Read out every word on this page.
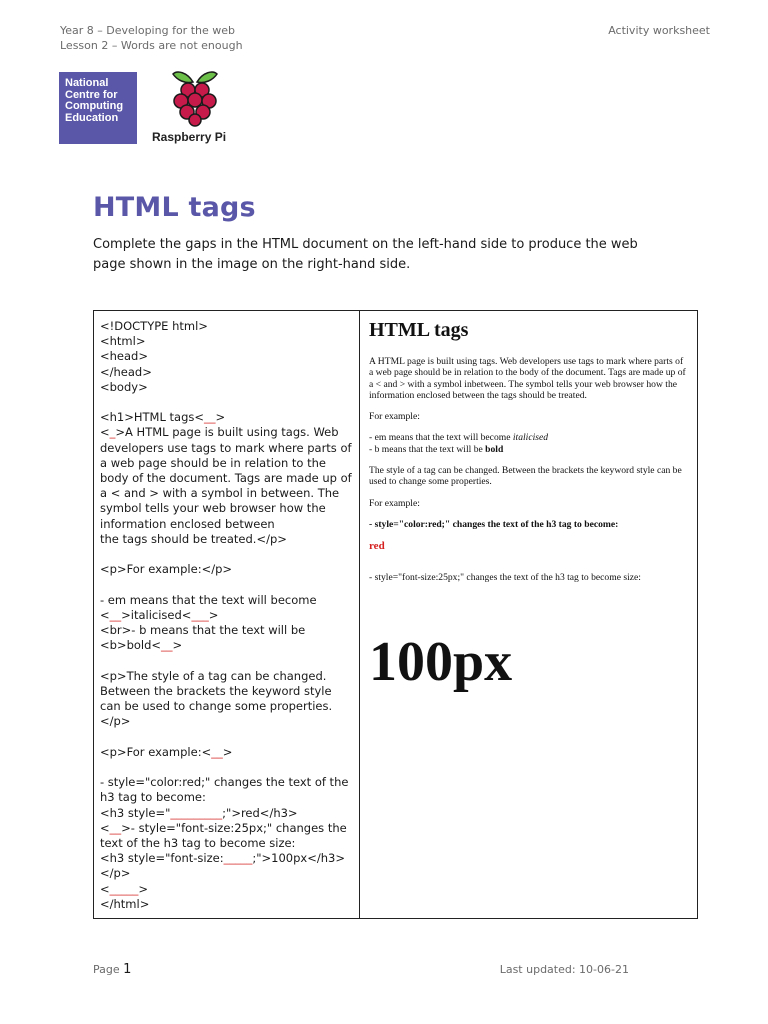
Year 8 – Developing for the web
Lesson 2 – Words are not enough
Activity worksheet
National
Centre for
Computing
Education
Raspberry Pi
HTML tags

Complete the gaps in the HTML document on the left-hand side to produce the web page shown in the image on the right-hand side.

<!DOCTYPE html>
<html>
<head>
</head>
<body>

<h1>HTML tags<__>
<_>A HTML page is built using tags. Web developers use tags to mark where parts of a web page should be in relation to the body of the document. Tags are made up of a < and > with a symbol in between. The symbol tells your web browser how the information enclosed between
the tags should be treated.</p>

<p>For example:</p>

- em means that the text will become
<__>italicised<___>
<br>- b means that the text will be
<b>bold<__>

<p>The style of a tag can be changed. Between the brackets the keyword style can be used to change some properties.</p>

<p>For example:<__>

- style="color:red;" changes the text of the h3 tag to become:
<h3 style="_________;">red</h3>
<__>- style="font-size:25px;" changes the text of the h3 tag to become size:
<h3 style="font-size:_____;">100px</h3>
</p>
<_____>
</html>
HTML tags

A HTML page is built using tags. Web developers use tags to mark where parts of a web page should be in relation to the body of the document. Tags are made up of a < and > with a symbol inbetween. The symbol tells your web browser how the information enclosed between the tags should be treated.

For example:

- em means that the text will become italicised
- b means that the text will be bold

The style of a tag can be changed. Between the brackets the keyword style can be used to change some properties.

For example:

- style="color:red;" changes the text of the h3 tag to become:

red

- style="font-size:25px;" changes the text of the h3 tag to become size:

100px
Page 1	Last updated: 10-06-21
